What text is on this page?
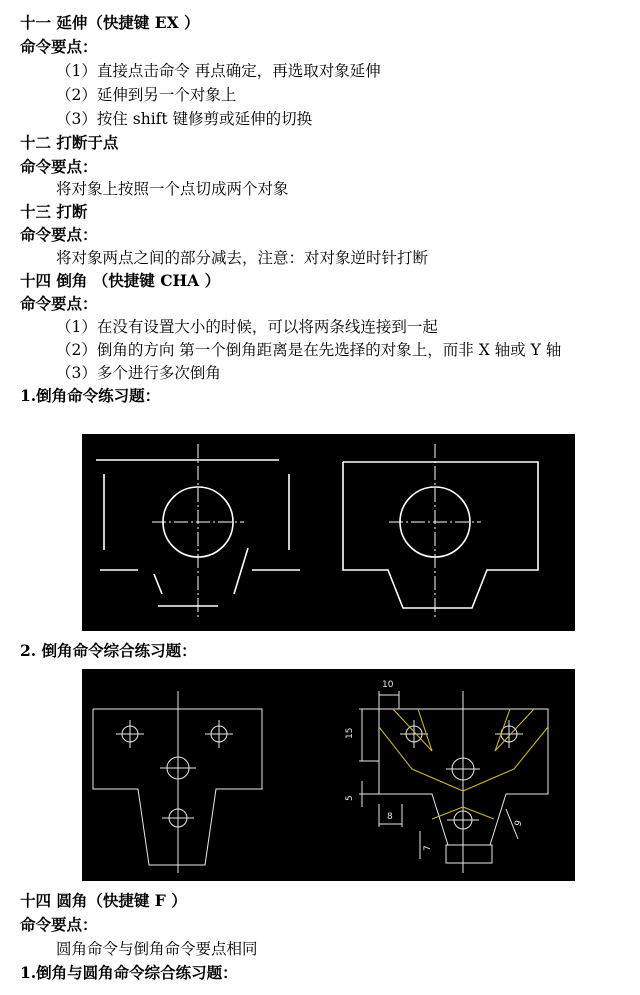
十一 延伸（快捷键 EX ）
命令要点：
（1）直接点击命令 再点确定，再选取对象延伸
（2）延伸到另一个对象上
（3）按住 shift 键修剪或延伸的切换
十二 打断于点
命令要点：
将对象上按照一个点切成两个对象
十三 打断
命令要点：
将对象两点之间的部分减去，注意：对对象逆时针打断
十四 倒角 （快捷键 CHA ）
命令要点：
（1）在没有设置大小的时候，可以将两条线连接到一起
（2）倒角的方向 第一个倒角距离是在先选择的对象上，而非 X 轴或 Y 轴
（3）多个进行多次倒角
1.倒角命令练习题：
2. 倒角命令综合练习题：
10
15
5
8
9
7
十四 圆角（快捷键 F ）
命令要点：
圆角命令与倒角命令要点相同
1.倒角与圆角命令综合练习题：
